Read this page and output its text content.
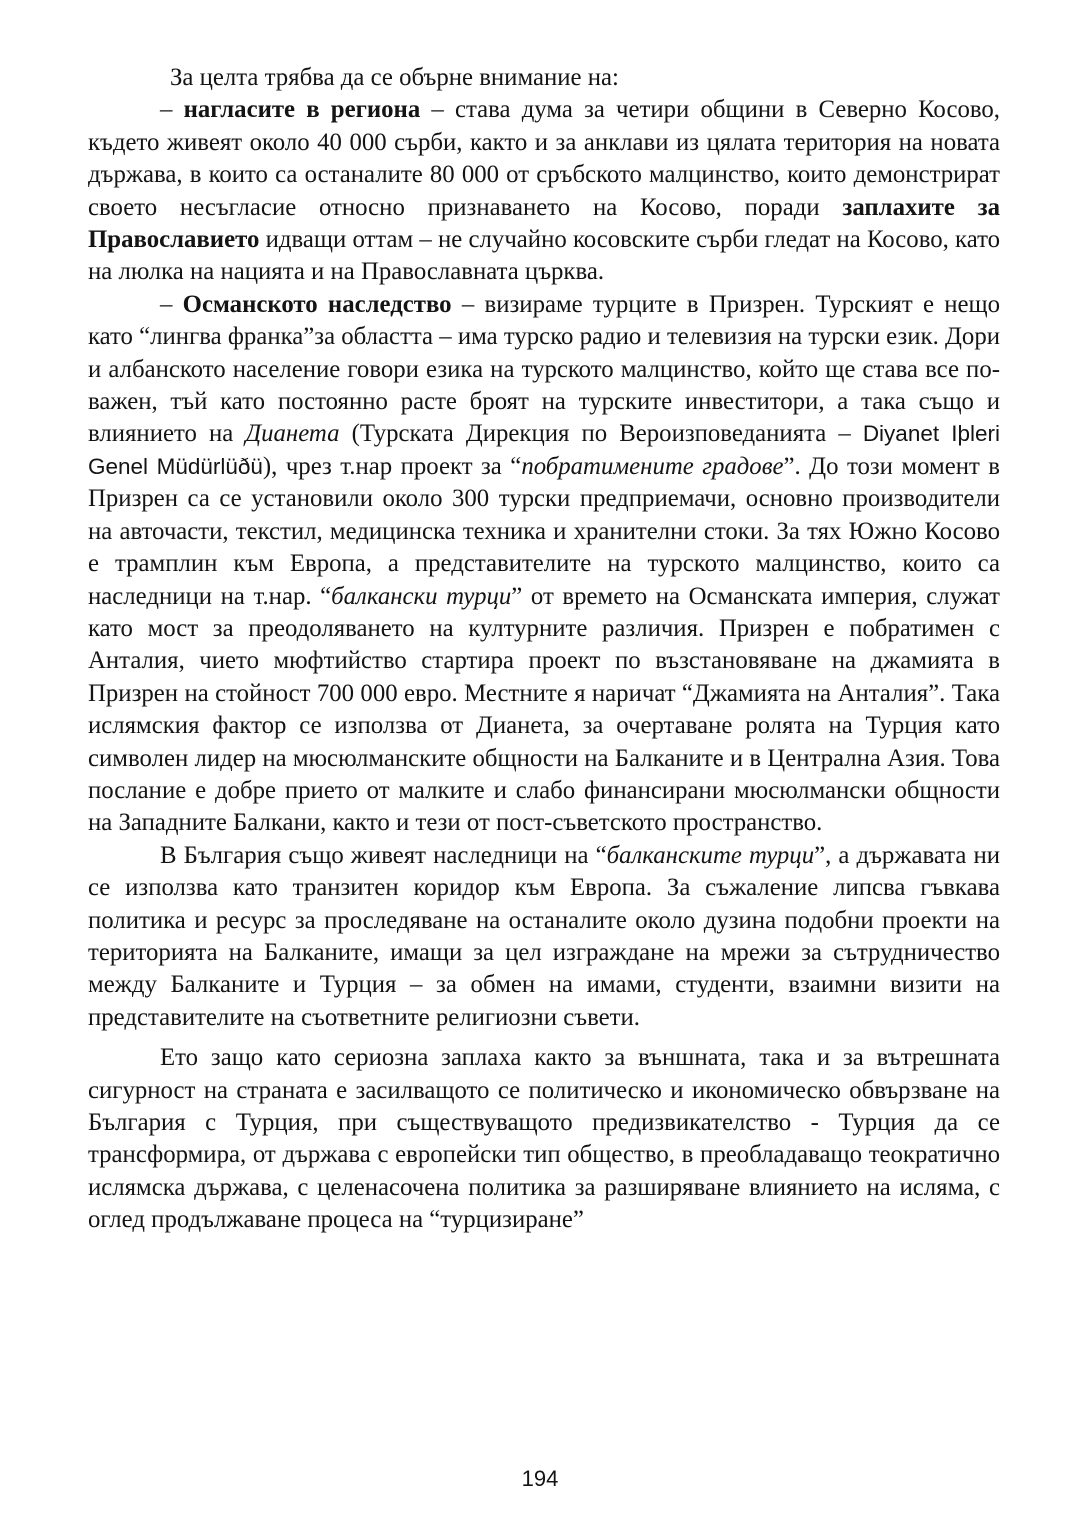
За целта трябва да се обърне внимание на:

– нагласите в региона – става дума за четири общини в Северно Косово, където живеят около 40 000 сърби, както и за анклави из цялата територия на новата държава, в които са останалите 80 000 от сръбското малцинство, които демонстрират своето несъгласие относно признаването на Косово, поради заплахите за Православието идващи оттам – не случайно косовските сърби гледат на Косово, като на люлка на нацията и на Православната църква.

– Османското наследство – визираме турците в Призрен. Турският е нещо като “лингва франка”за областта – има турско радио и телевизия на турски език. Дори и албанското население говори езика на турското малцинство, който ще става все по-важен, тъй като постоянно расте броят на турските инвеститори, а така също и влиянието на Дианета (Турската Дирекция по Вероизповеданията – Diyanet Iþleri Genel Müdürlüðü), чрез т.нар проект за “побратимените градове”. До този момент в Призрен са се установили около 300 турски предприемачи, основно производители на авточасти, текстил, медицинска техника и хранителни стоки. За тях Южно Косово е трамплин към Европа, а представителите на турското малцинство, които са наследници на т.нар. “балкански турци” от времето на Османската империя, служат като мост за преодоляването на културните различия. Призрен е побратимен с Анталия, чието мюфтийство стартира проект по възстановяване на джамията в Призрен на стойност 700 000 евро. Местните я наричат “Джамията на Анталия”. Така ислямския фактор се използва от Дианета, за очертаване ролята на Турция като символен лидер на мюсюлманските общности на Балканите и в Централна Азия. Това послание е добре прието от малките и слабо финансирани мюсюлмански общности на Западните Балкани, както и тези от пост-съветското пространство.

В България също живеят наследници на “балканските турци”, а държавата ни се използва като транзитен коридор към Европа. За съжаление липсва гъвкава политика и ресурс за проследяване на останалите около дузина подобни проекти на територията на Балканите, имащи за цел изграждане на мрежи за сътрудничество между Балканите и Турция – за обмен на имами, студенти, взаимни визити на представителите на съответните религиозни съвети.

Ето защо като сериозна заплаха както за външната, така и за вътрешната сигурност на страната е засилващото се политическо и икономическо обвързване на България с Турция, при съществуващото предизвикателство - Турция да се трансформира, от държава с европейски тип общество, в преобладаващо теократично ислямска държава, с целенасочена политика за разширяване влиянието на исляма, с оглед продължаване процеса на “турцизиране”

194
